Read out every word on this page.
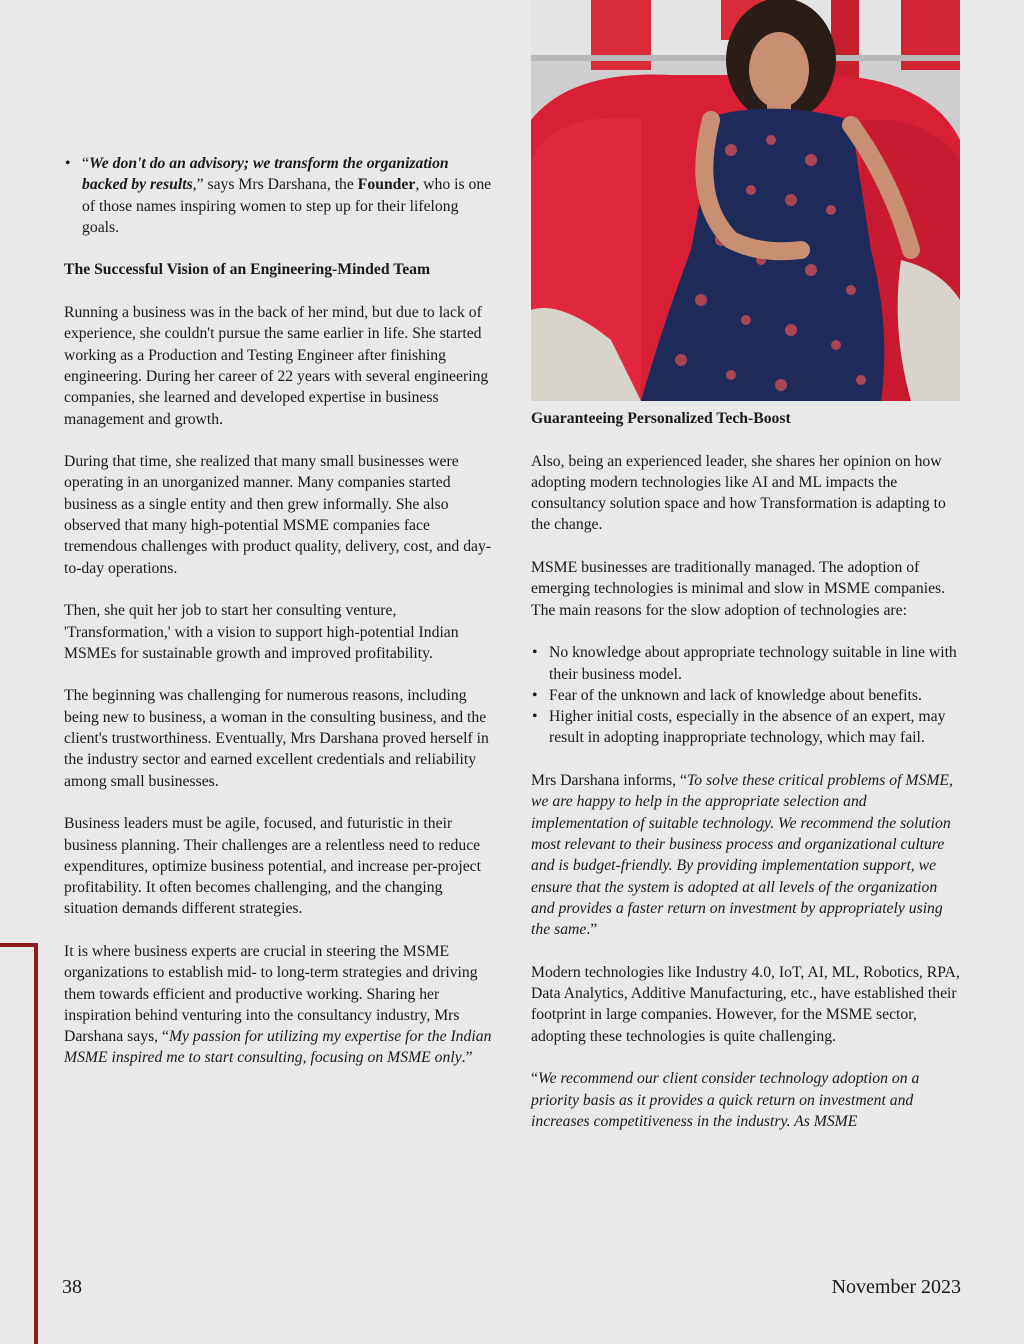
• “We don't do an advisory; we transform the organization backed by results,” says Mrs Darshana, the Founder, who is one of those names inspiring women to step up for their lifelong goals.
The Successful Vision of an Engineering-Minded Team

Running a business was in the back of her mind, but due to lack of experience, she couldn't pursue the same earlier in life. She started working as a Production and Testing Engineer after finishing engineering. During her career of 22 years with several engineering companies, she learned and developed expertise in business management and growth.

During that time, she realized that many small businesses were operating in an unorganized manner. Many companies started business as a single entity and then grew informally. She also observed that many high-potential MSME companies face tremendous challenges with product quality, delivery, cost, and day-to-day operations.

Then, she quit her job to start her consulting venture, 'Transformation,' with a vision to support high-potential Indian MSMEs for sustainable growth and improved profitability.

The beginning was challenging for numerous reasons, including being new to business, a woman in the consulting business, and the client's trustworthiness. Eventually, Mrs Darshana proved herself in the industry sector and earned excellent credentials and reliability among small businesses.

Business leaders must be agile, focused, and futuristic in their business planning. Their challenges are a relentless need to reduce expenditures, optimize business potential, and increase per-project profitability. It often becomes challenging, and the changing situation demands different strategies.

It is where business experts are crucial in steering the MSME organizations to establish mid- to long-term strategies and driving them towards efficient and productive working. Sharing her inspiration behind venturing into the consultancy industry, Mrs Darshana says, “My passion for utilizing my expertise for the Indian MSME inspired me to start consulting, focusing on MSME only.”

Guaranteeing Personalized Tech-Boost

Also, being an experienced leader, she shares her opinion on how adopting modern technologies like AI and ML impacts the consultancy solution space and how Transformation is adapting to the change.

MSME businesses are traditionally managed. The adoption of emerging technologies is minimal and slow in MSME companies. The main reasons for the slow adoption of technologies are:

• No knowledge about appropriate technology suitable in line with their business model.
• Fear of the unknown and lack of knowledge about benefits.
• Higher initial costs, especially in the absence of an expert, may result in adopting inappropriate technology, which may fail.

Mrs Darshana informs, “To solve these critical problems of MSME, we are happy to help in the appropriate selection and implementation of suitable technology. We recommend the solution most relevant to their business process and organizational culture and is budget-friendly. By providing implementation support, we ensure that the system is adopted at all levels of the organization and provides a faster return on investment by appropriately using the same.”

Modern technologies like Industry 4.0, IoT, AI, ML, Robotics, RPA, Data Analytics, Additive Manufacturing, etc., have established their footprint in large companies. However, for the MSME sector, adopting these technologies is quite challenging.

“We recommend our client consider technology adoption on a priority basis as it provides a quick return on investment and increases competitiveness in the industry. As MSME

38	November 2023
